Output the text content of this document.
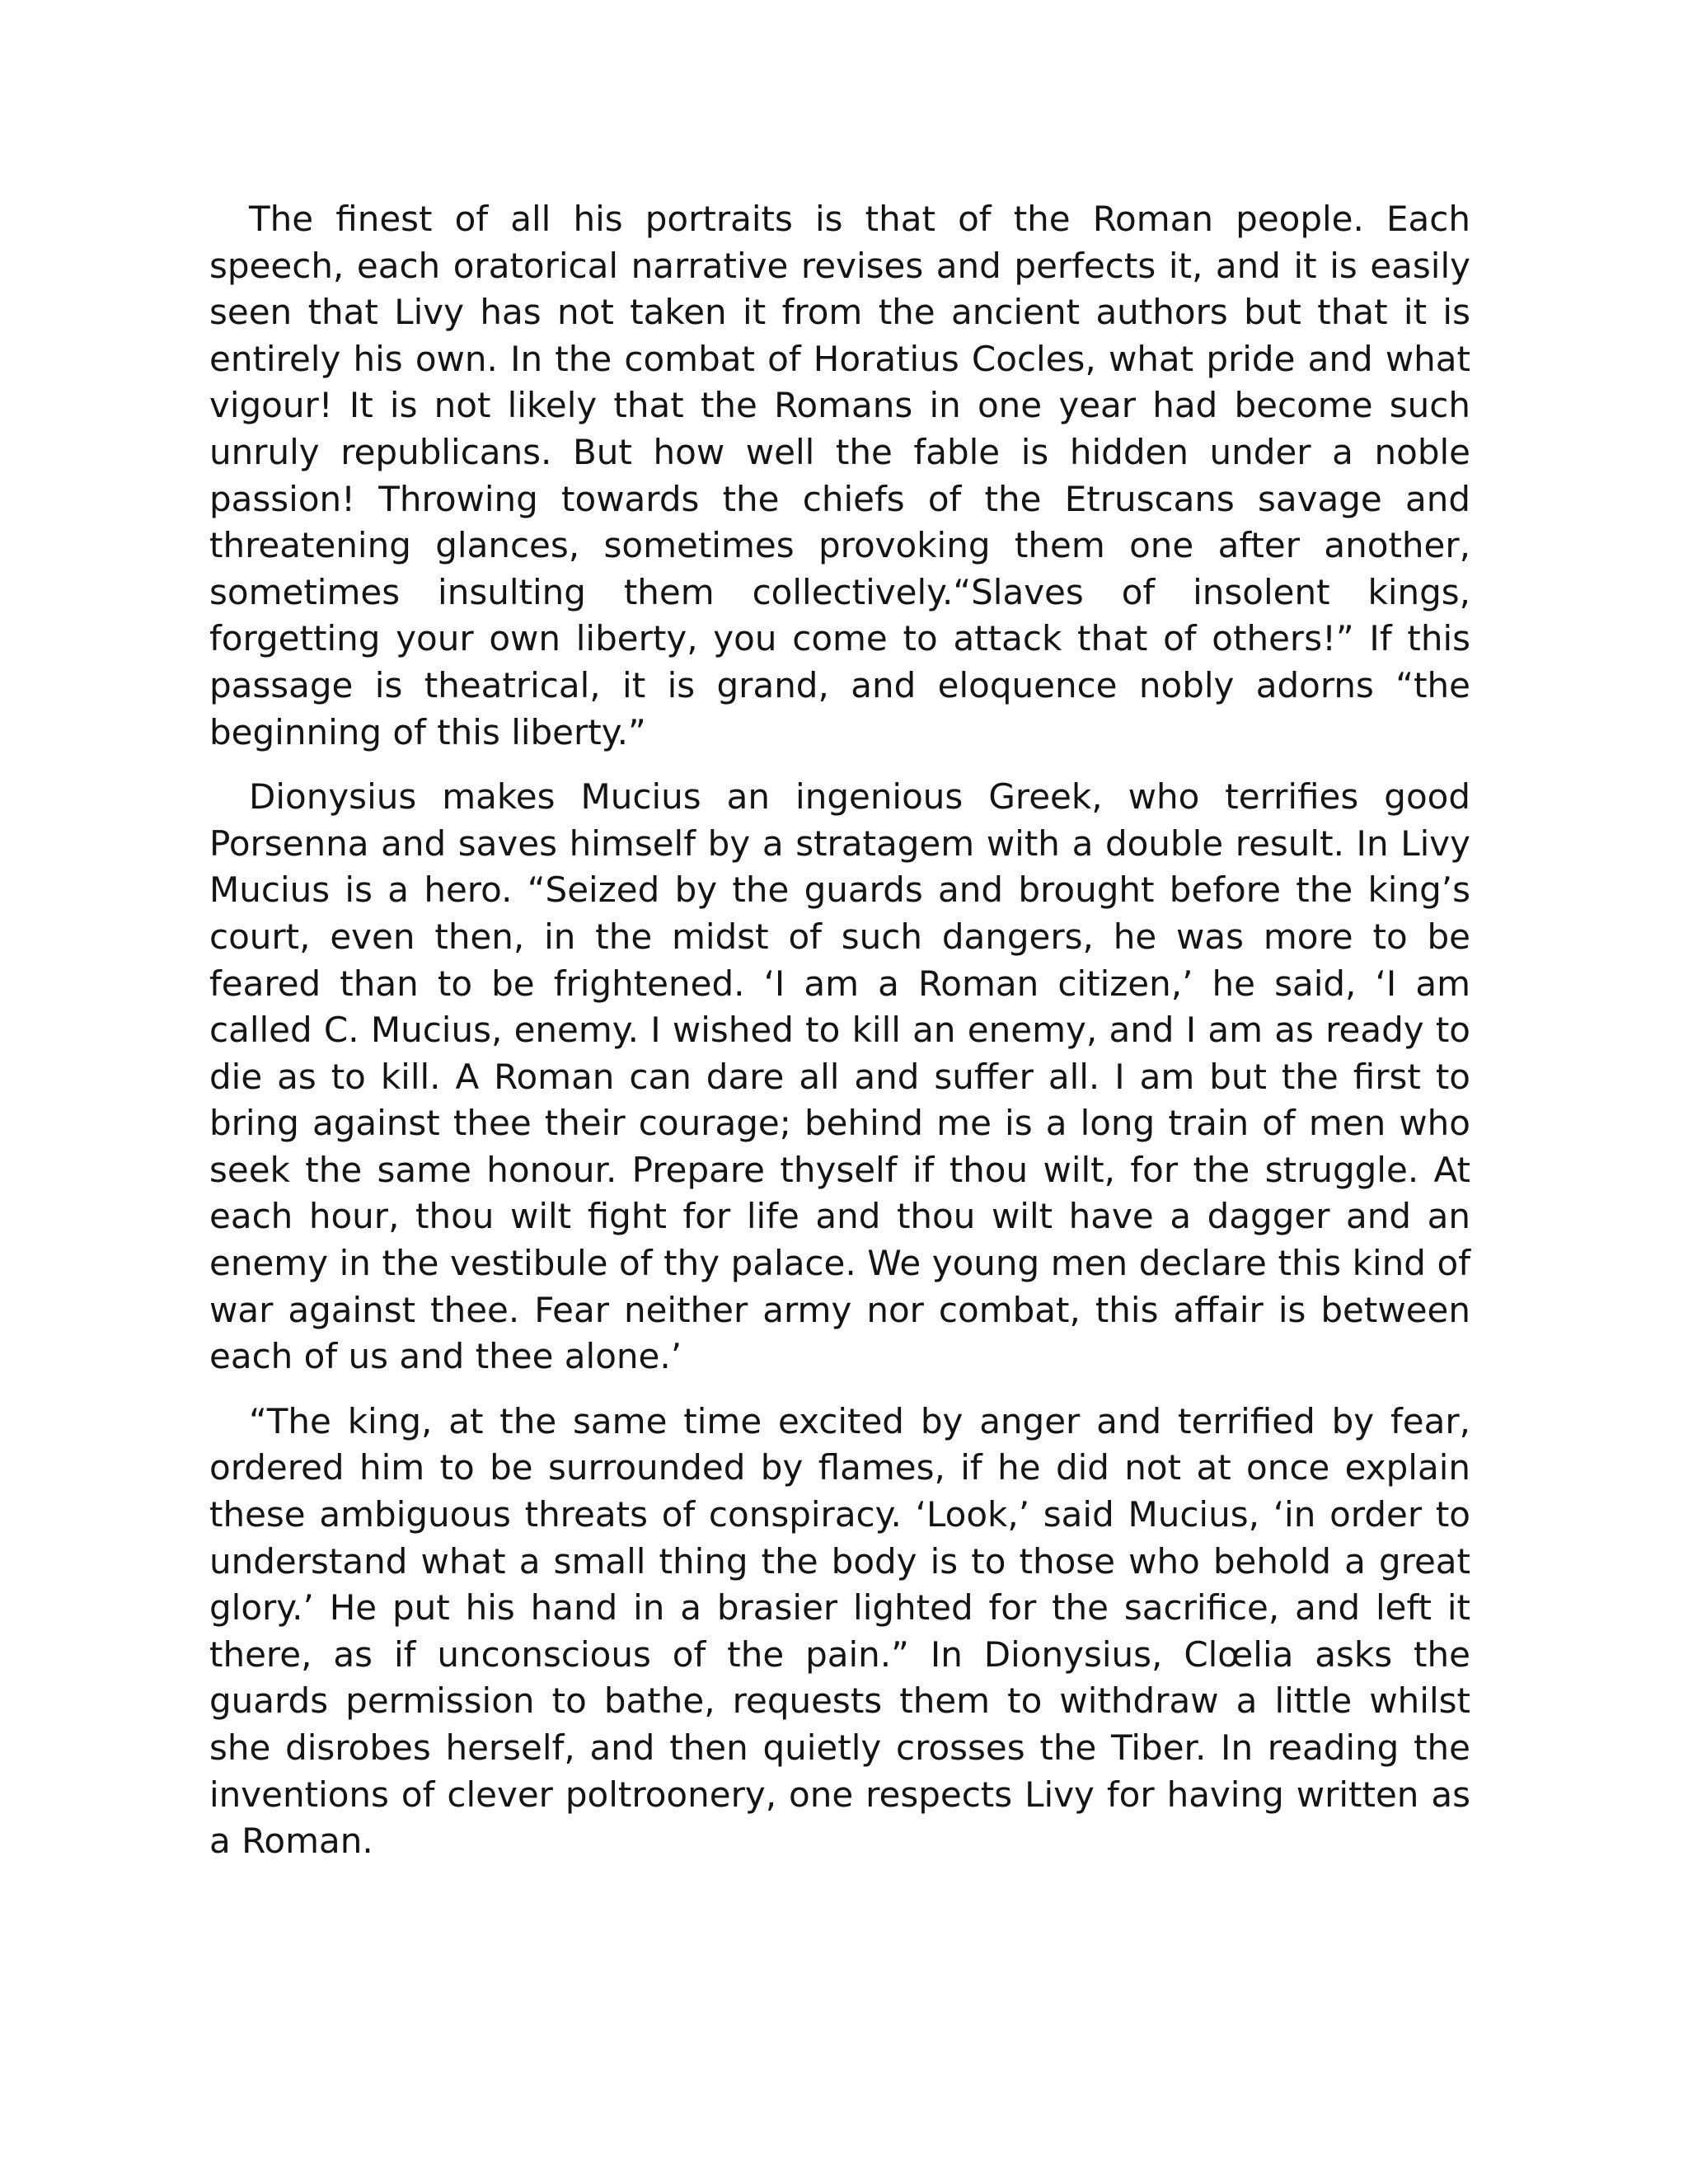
The finest of all his portraits is that of the Roman people. Each speech, each oratorical narrative revises and perfects it, and it is easily seen that Livy has not taken it from the ancient authors but that it is entirely his own. In the combat of Horatius Cocles, what pride and what vigour! It is not likely that the Romans in one year had become such unruly republicans. But how well the fable is hidden under a noble passion! Throwing towards the chiefs of the Etruscans savage and threatening glances, sometimes provoking them one after another, sometimes insulting them collectively.“Slaves of insolent kings, forgetting your own liberty, you come to attack that of others!” If this passage is theatrical, it is grand, and eloquence nobly adorns “the beginning of this liberty.”

Dionysius makes Mucius an ingenious Greek, who terrifies good Porsenna and saves himself by a stratagem with a double result. In Livy Mucius is a hero. “Seized by the guards and brought before the king’s court, even then, in the midst of such dangers, he was more to be feared than to be frightened. ‘I am a Roman citizen,’ he said, ‘I am called C. Mucius, enemy. I wished to kill an enemy, and I am as ready to die as to kill. A Roman can dare all and suffer all. I am but the first to bring against thee their courage; behind me is a long train of men who seek the same honour. Prepare thyself if thou wilt, for the struggle. At each hour, thou wilt fight for life and thou wilt have a dagger and an enemy in the vestibule of thy palace. We young men declare this kind of war against thee. Fear neither army nor combat, this affair is between each of us and thee alone.’

“The king, at the same time excited by anger and terrified by fear, ordered him to be surrounded by flames, if he did not at once explain these ambiguous threats of conspiracy. ‘Look,’ said Mucius, ‘in order to understand what a small thing the body is to those who behold a great glory.’ He put his hand in a brasier lighted for the sacrifice, and left it there, as if unconscious of the pain.” In Dionysius, Clœlia asks the guards permission to bathe, requests them to withdraw a little whilst she disrobes herself, and then quietly crosses the Tiber. In reading the inventions of clever poltroonery, one respects Livy for having written as a Roman.
